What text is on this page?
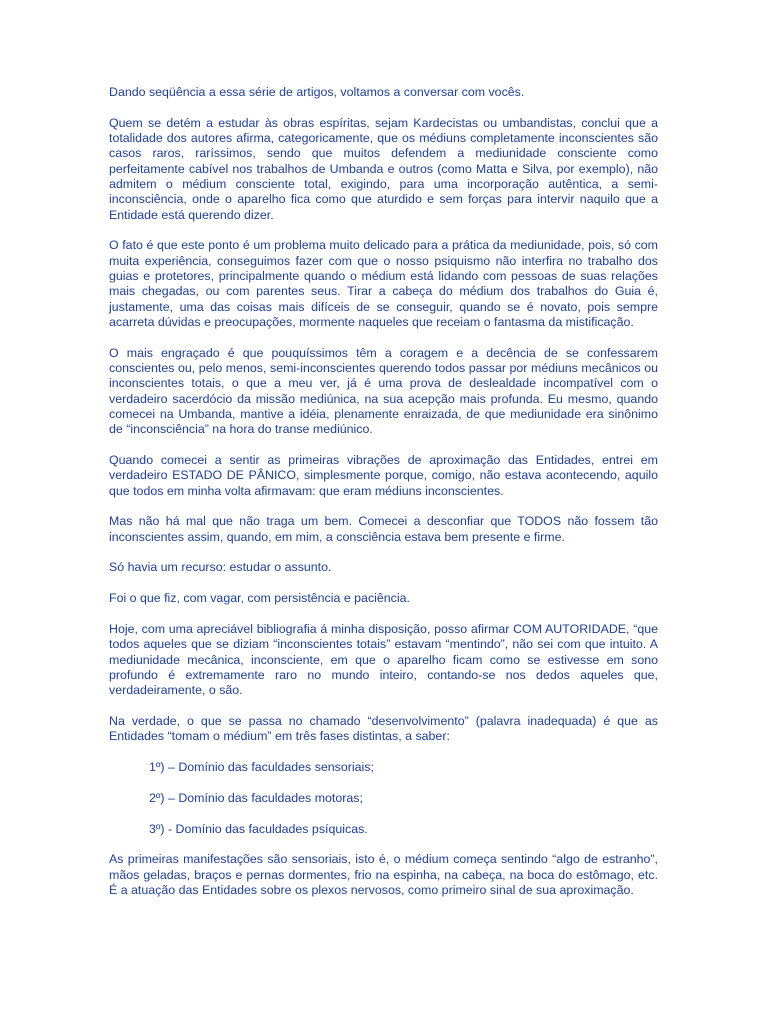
Dando seqüência a essa série de artigos, voltamos a conversar com vocês.

Quem se detém a estudar às obras espíritas, sejam Kardecistas ou umbandistas, conclui que a totalidade dos autores afirma, categoricamente, que os médiuns completamente inconscientes são casos raros, raríssimos, sendo que muitos defendem a mediunidade consciente como perfeitamente cabível nos trabalhos de Umbanda e outros (como Matta e Silva, por exemplo), não admitem o médium consciente total, exigindo, para uma incorporação autêntica, a semi-inconsciência, onde o aparelho fica como que aturdido e sem forças para intervir naquilo que a Entidade está querendo dizer.

O fato é que este ponto é um problema muito delicado para a prática da mediunidade, pois, só com muita experiência, conseguimos fazer com que o nosso psiquismo não interfira no trabalho dos guias e protetores, principalmente quando o médium está lidando com pessoas de suas relações mais chegadas, ou com parentes seus. Tirar a cabeça do médium dos trabalhos do Guia é, justamente, uma das coisas mais difíceis de se conseguir, quando se é novato, pois sempre acarreta dúvidas e preocupações, mormente naqueles que receiam o fantasma da mistificação.

O mais engraçado é que pouquíssimos têm a coragem e a decência de se confessarem conscientes ou, pelo menos, semi-inconscientes querendo todos passar por médiuns mecânicos ou inconscientes totais, o que a meu ver, já é uma prova de deslealdade incompatível com o verdadeiro sacerdócio da missão mediúnica, na sua acepção mais profunda. Eu mesmo, quando comecei na Umbanda, mantive a idéia, plenamente enraizada, de que mediunidade era sinônimo de “inconsciência” na hora do transe mediúnico.

Quando comecei a sentir as primeiras vibrações de aproximação das Entidades, entrei em verdadeiro ESTADO DE PÂNICO, simplesmente porque, comigo, não estava acontecendo, aquilo que todos em minha volta afirmavam: que eram médiuns inconscientes.

Mas não há mal que não traga um bem. Comecei a desconfiar que TODOS não fossem tão inconscientes assim, quando, em mim, a consciência estava bem presente e firme.

Só havia um recurso: estudar o assunto.

Foi o que fiz, com vagar, com persistência e paciência.

Hoje, com uma apreciável bibliografia á minha disposição, posso afirmar COM AUTORIDADE, “que todos aqueles que se diziam “inconscientes totais” estavam “mentindo”, não sei com que intuito. A mediunidade mecânica, inconsciente, em que o aparelho ficam como se estivesse em sono profundo é extremamente raro no mundo inteiro, contando-se nos dedos aqueles que, verdadeiramente, o são.

Na verdade, o que se passa no chamado “desenvolvimento” (palavra inadequada) é que as Entidades “tomam o médium” em três fases distintas, a saber:

1º) – Domínio das faculdades sensoriais;

2º) – Domínio das faculdades motoras;

3º) - Domínio das faculdades psíquicas.

As primeiras manifestações são sensoriais, isto é, o médium começa sentindo “algo de estranho”, mãos geladas, braços e pernas dormentes, frio na espinha, na cabeça, na boca do estômago, etc. É a atuação das Entidades sobre os plexos nervosos, como primeiro sinal de sua aproximação.
